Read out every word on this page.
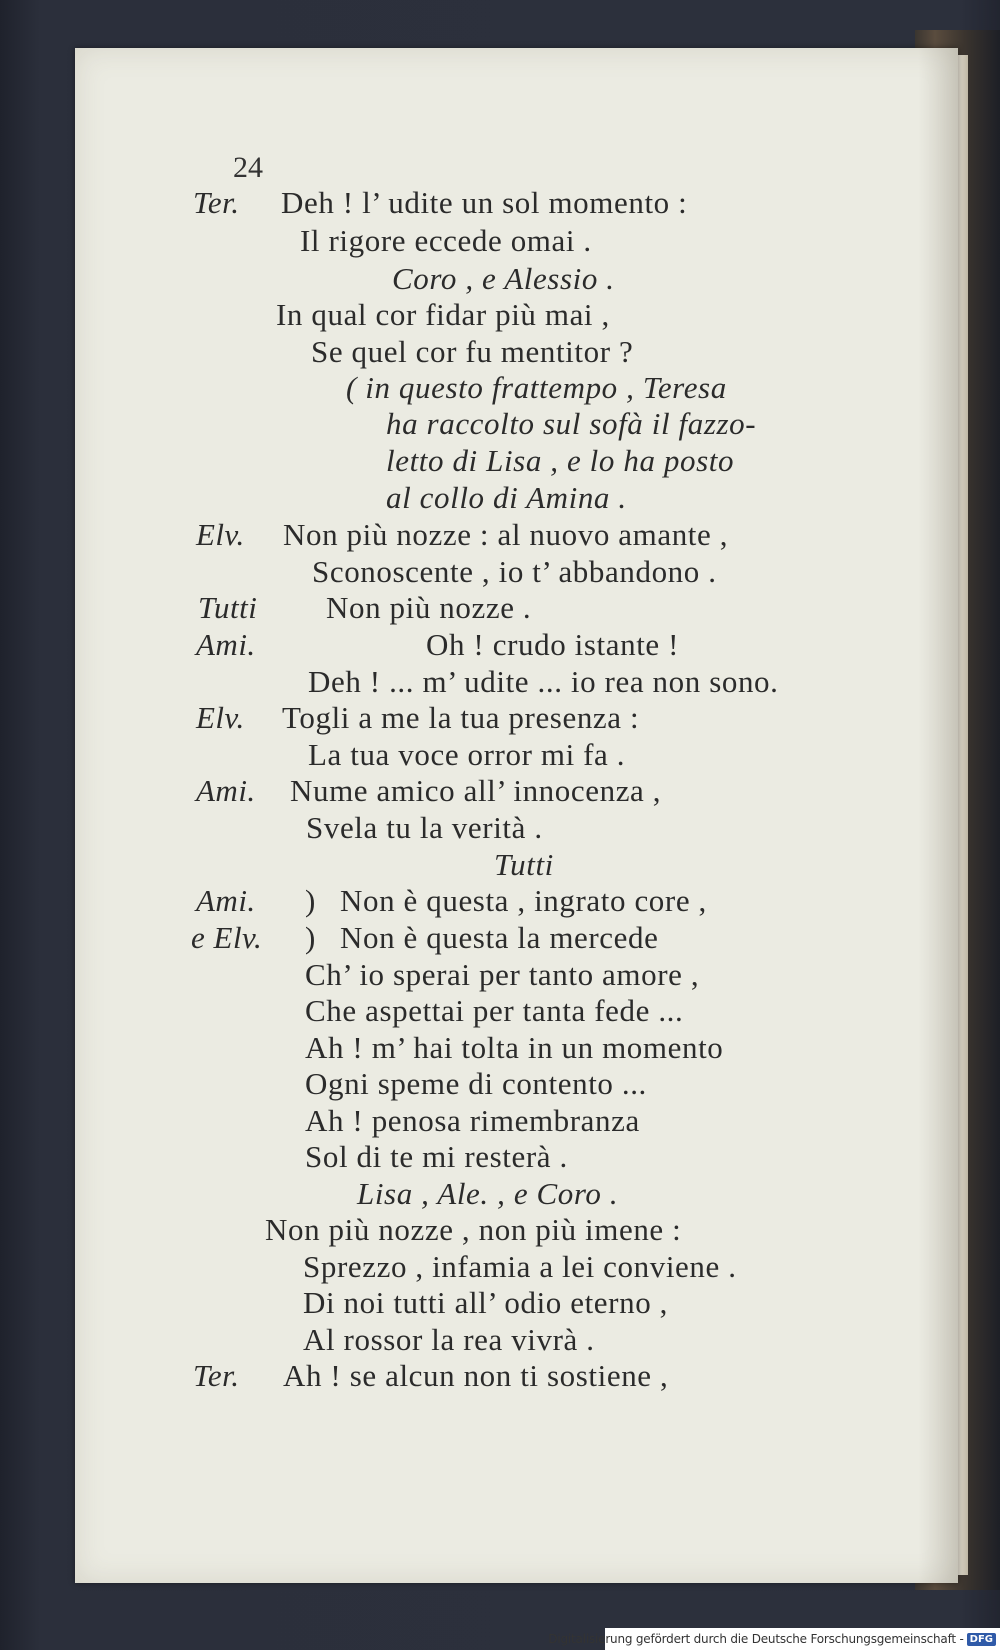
24
Ter. Deh ! l’ udite un sol momento :
Il rigore eccede omai .
Coro , e Alessio .
In qual cor fidar più mai ,
Se quel cor fu mentitor ?
( in questo frattempo , Teresa
ha raccolto sul sofà il fazzo-
letto di Lisa , e lo ha posto
al collo di Amina .
Elv. Non più nozze : al nuovo amante ,
Sconoscente , io t’ abbandono .
Tutti Non più nozze .
Ami.	Oh ! crudo istante !
Deh ! ... m’ udite ... io rea non sono.
Elv. Togli a me la tua presenza :
La tua voce orror mi fa .
Ami. Nume amico all’ innocenza ,
Svela tu la verità .
Tutti
Ami. ) Non è questa , ingrato core ,
e Elv. ) Non è questa la mercede
Ch’ io sperai per tanto amore ,
Che aspettai per tanta fede ...
Ah ! m’ hai tolta in un momento
Ogni speme di contento ...
Ah ! penosa rimembranza
Sol di te mi resterà .
Lisa , Ale. , e Coro .
Non più nozze , non più imene :
Sprezzo , infamia a lei conviene .
Di noi tutti all’ odio eterno ,
Al rossor la rea vivrà .
Ter. Ah ! se alcun non ti sostiene ,
Digitalisierung gefördert durch die Deutsche Forschungsgemeinschaft - DFG
